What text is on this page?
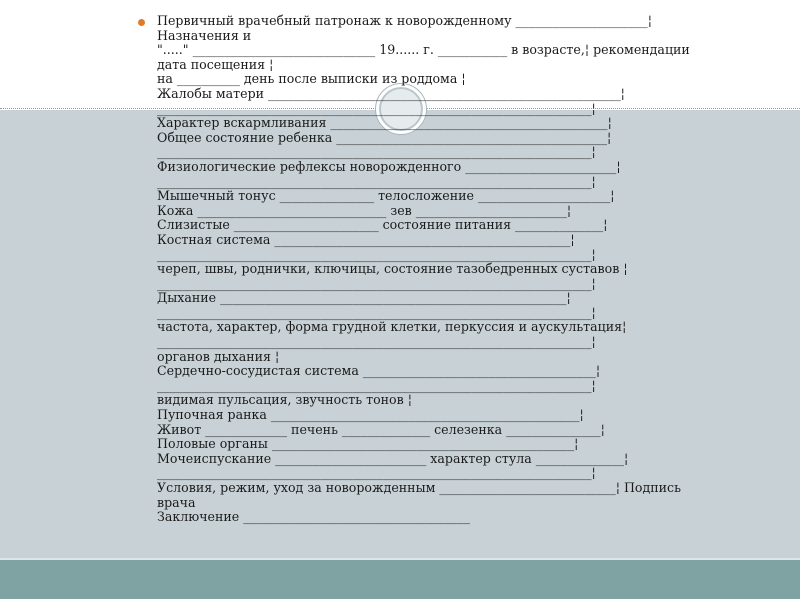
Первичный врачебный патронаж к новорожденному _____________________¦
Назначения и
"....." _____________________________ 19...... г. ___________ в возрасте,¦ рекомендации
дата посещения ¦
на __________ день после выписки из роддома ¦
Жалобы матери ________________________________________________________¦
_____________________________________________________________________¦
Характер вскармливания ____________________________________________¦
Общее состояние ребенка ___________________________________________¦
_____________________________________________________________________¦
Физиологические рефлексы новорожденного ________________________¦
_____________________________________________________________________¦
Мышечный тонус _______________ телосложение _____________________¦
Кожа ______________________________ зев ________________________¦
Слизистые _______________________ состояние питания ______________¦
Костная система _______________________________________________¦
_____________________________________________________________________¦
череп, швы, роднички, ключицы, состояние тазобедренных суставов ¦
_____________________________________________________________________¦
Дыхание _______________________________________________________¦
_____________________________________________________________________¦
частота, характер, форма грудной клетки, перкуссия и аускультация¦
_____________________________________________________________________¦
органов дыхания ¦
Сердечно-сосудистая система _____________________________________¦
_____________________________________________________________________¦
видимая пульсация, звучность тонов ¦
Пупочная ранка _________________________________________________¦
Живот _____________ печень ______________ селезенка _______________¦
Половые органы ________________________________________________¦
Мочеиспускание ________________________ характер стула ______________¦
_____________________________________________________________________¦
Условия, режим, уход за новорожденным ____________________________¦ Подпись
врача
Заключение ____________________________________
